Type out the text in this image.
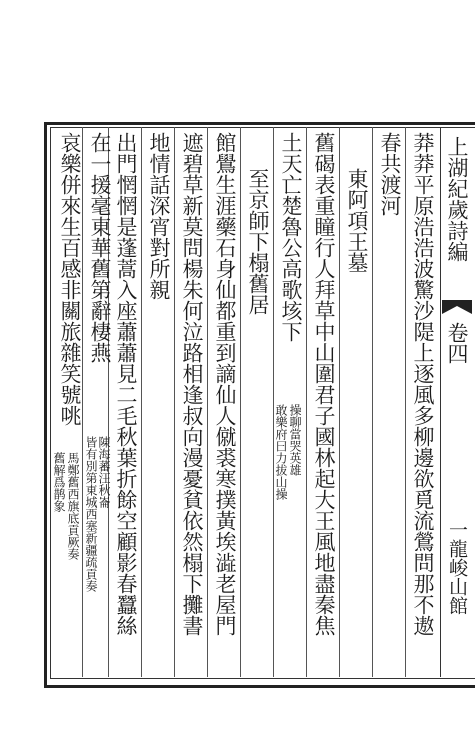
上湖紀歲詩編
卷四
一龍峻山館
莽莽平原浩浩波驚沙隄上逐風多柳邊欲覓流鶯問那不遨
春共渡河
東阿項王墓
舊碣表重瞳行人拜草中山圍君子國林起大王風地盡秦焦
土天亡楚魯公高歌垓下
至京師下榻舊居
館鷽生涯藥石身仙都重到謫仙人僦裘寒撲黃埃澁老屋門
遮碧草新莫問楊朱何泣路相逢叔向漫憂貧依然榻下攤書
地情話深宵對所親
出門惘惘是蓬蒿入座蕭蕭見二毛秋葉折餘空顧影春蠶絲
在一援毫東華舊第辭棲燕
哀樂併來生百感非關旅雜笑號咷
操聊當哭英雄
敢樂府曰力拔山操
陳海蕃汪秋崙
皆有別第東城西塞新疆疏貢奏
馬鄭舊西旗底貢厥奏
舊解爲鹊象
